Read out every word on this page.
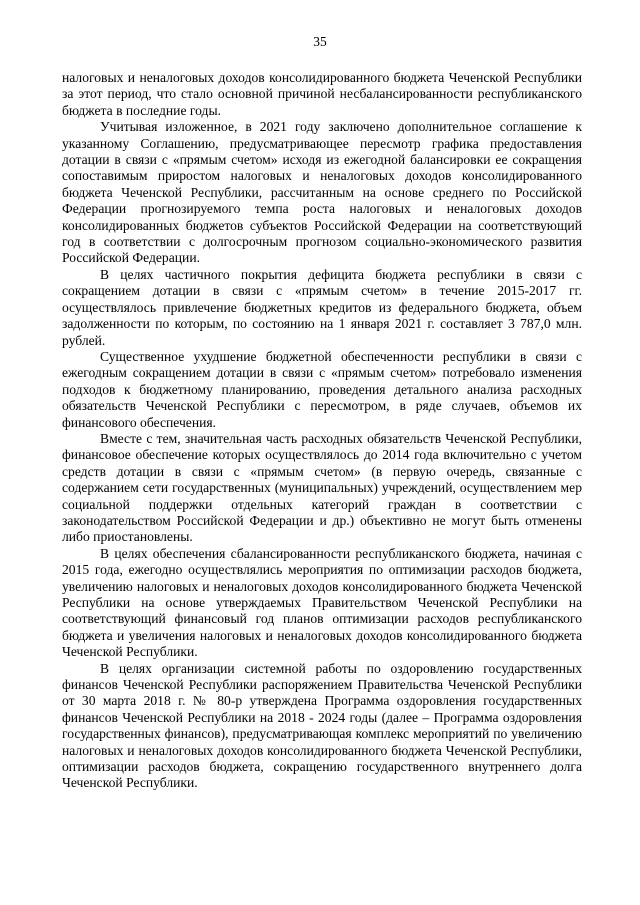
35

налоговых и неналоговых доходов консолидированного бюджета Чеченской Республики за этот период, что стало основной причиной несбалансированности республиканского бюджета в последние годы.

Учитывая изложенное, в 2021 году заключено дополнительное соглашение к указанному Соглашению, предусматривающее пересмотр графика предоставления дотации в связи с «прямым счетом» исходя из ежегодной балансировки ее сокращения сопоставимым приростом налоговых и неналоговых доходов консолидированного бюджета Чеченской Республики, рассчитанным на основе среднего по Российской Федерации прогнозируемого темпа роста налоговых и неналоговых доходов консолидированных бюджетов субъектов Российской Федерации на соответствующий год в соответствии с долгосрочным прогнозом социально-экономического развития Российской Федерации.

В целях частичного покрытия дефицита бюджета республики в связи с сокращением дотации в связи с «прямым счетом» в течение 2015-2017 гг. осуществлялось привлечение бюджетных кредитов из федерального бюджета, объем задолженности по которым, по состоянию на 1 января 2021 г. составляет 3 787,0 млн. рублей.

Существенное ухудшение бюджетной обеспеченности республики в связи с ежегодным сокращением дотации в связи с «прямым счетом» потребовало изменения подходов к бюджетному планированию, проведения детального анализа расходных обязательств Чеченской Республики с пересмотром, в ряде случаев, объемов их финансового обеспечения.

Вместе с тем, значительная часть расходных обязательств Чеченской Республики, финансовое обеспечение которых осуществлялось до 2014 года включительно с учетом средств дотации в связи с «прямым счетом» (в первую очередь, связанные с содержанием сети государственных (муниципальных) учреждений, осуществлением мер социальной поддержки отдельных категорий граждан в соответствии с законодательством Российской Федерации и др.) объективно не могут быть отменены либо приостановлены.

В целях обеспечения сбалансированности республиканского бюджета, начиная с 2015 года, ежегодно осуществлялись мероприятия по оптимизации расходов бюджета, увеличению налоговых и неналоговых доходов консолидированного бюджета Чеченской Республики на основе утверждаемых Правительством Чеченской Республики на соответствующий финансовый год планов оптимизации расходов республиканского бюджета и увеличения налоговых и неналоговых доходов консолидированного бюджета Чеченской Республики.

В целях организации системной работы по оздоровлению государственных финансов Чеченской Республики распоряжением Правительства Чеченской Республики от 30 марта 2018 г. № 80-р утверждена Программа оздоровления государственных финансов Чеченской Республики на 2018 - 2024 годы (далее – Программа оздоровления государственных финансов), предусматривающая комплекс мероприятий по увеличению налоговых и неналоговых доходов консолидированного бюджета Чеченской Республики, оптимизации расходов бюджета, сокращению государственного внутреннего долга Чеченской Республики.
